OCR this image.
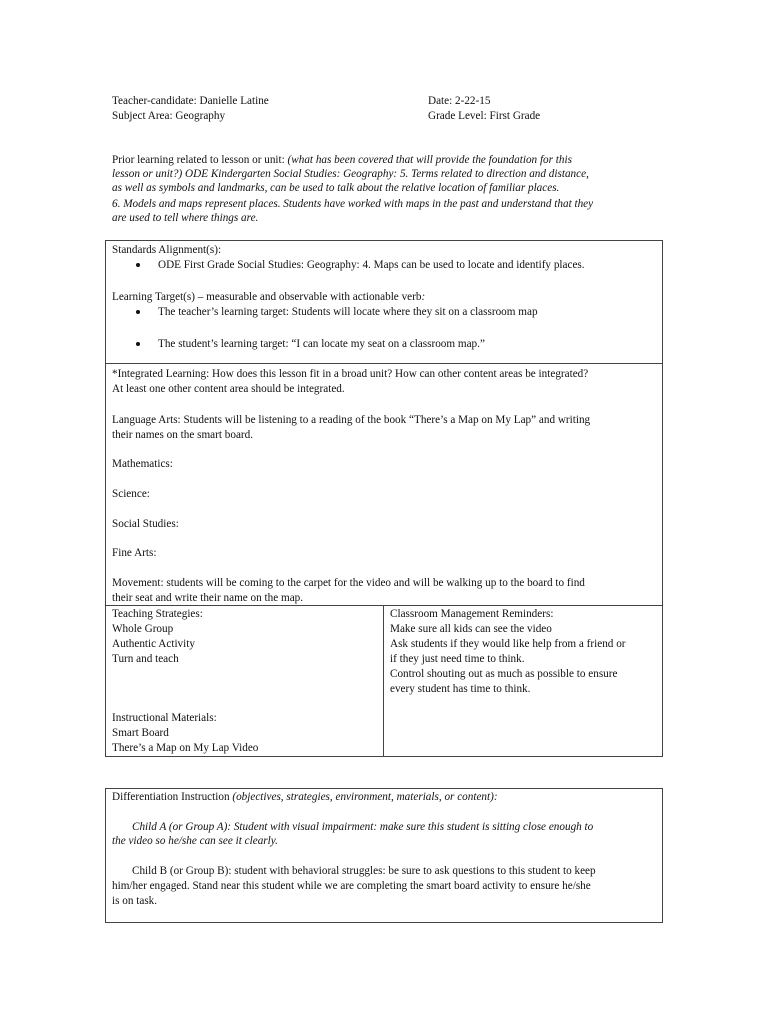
Teacher-candidate: Danielle Latine	Date: 2-22-15
Subject Area: Geography	Grade Level: First Grade
Prior learning related to lesson or unit: (what has been covered that will provide the foundation for this
lesson or unit?) ODE Kindergarten Social Studies: Geography: 5. Terms related to direction and distance,
as well as symbols and landmarks, can be used to talk about the relative location of familiar places.
6. Models and maps represent places. Students have worked with maps in the past and understand that they
are used to tell where things are.
Standards Alignment(s):
ODE First Grade Social Studies: Geography: 4. Maps can be used to locate and identify places.
Learning Target(s) – measurable and observable with actionable verb:
The teacher’s learning target: Students will locate where they sit on a classroom map
The student’s learning target: “I can locate my seat on a classroom map.”
*Integrated Learning: How does this lesson fit in a broad unit? How can other content areas be integrated?
At least one other content area should be integrated.
Language Arts: Students will be listening to a reading of the book “There’s a Map on My Lap” and writing
their names on the smart board.
Mathematics:
Science:
Social Studies:
Fine Arts:
Movement: students will be coming to the carpet for the video and will be walking up to the board to find
their seat and write their name on the map.
Teaching Strategies:
Whole Group
Authentic Activity
Turn and teach
Instructional Materials:
Smart Board
There’s a Map on My Lap Video
Classroom Management Reminders:
Make sure all kids can see the video
Ask students if they would like help from a friend or
if they just need time to think.
Control shouting out as much as possible to ensure
every student has time to think.
Differentiation Instruction (objectives, strategies, environment, materials, or content):
Child A (or Group A): Student with visual impairment: make sure this student is sitting close enough to
the video so he/she can see it clearly.
Child B (or Group B): student with behavioral struggles: be sure to ask questions to this student to keep
him/her engaged. Stand near this student while we are completing the smart board activity to ensure he/she
is on task.
